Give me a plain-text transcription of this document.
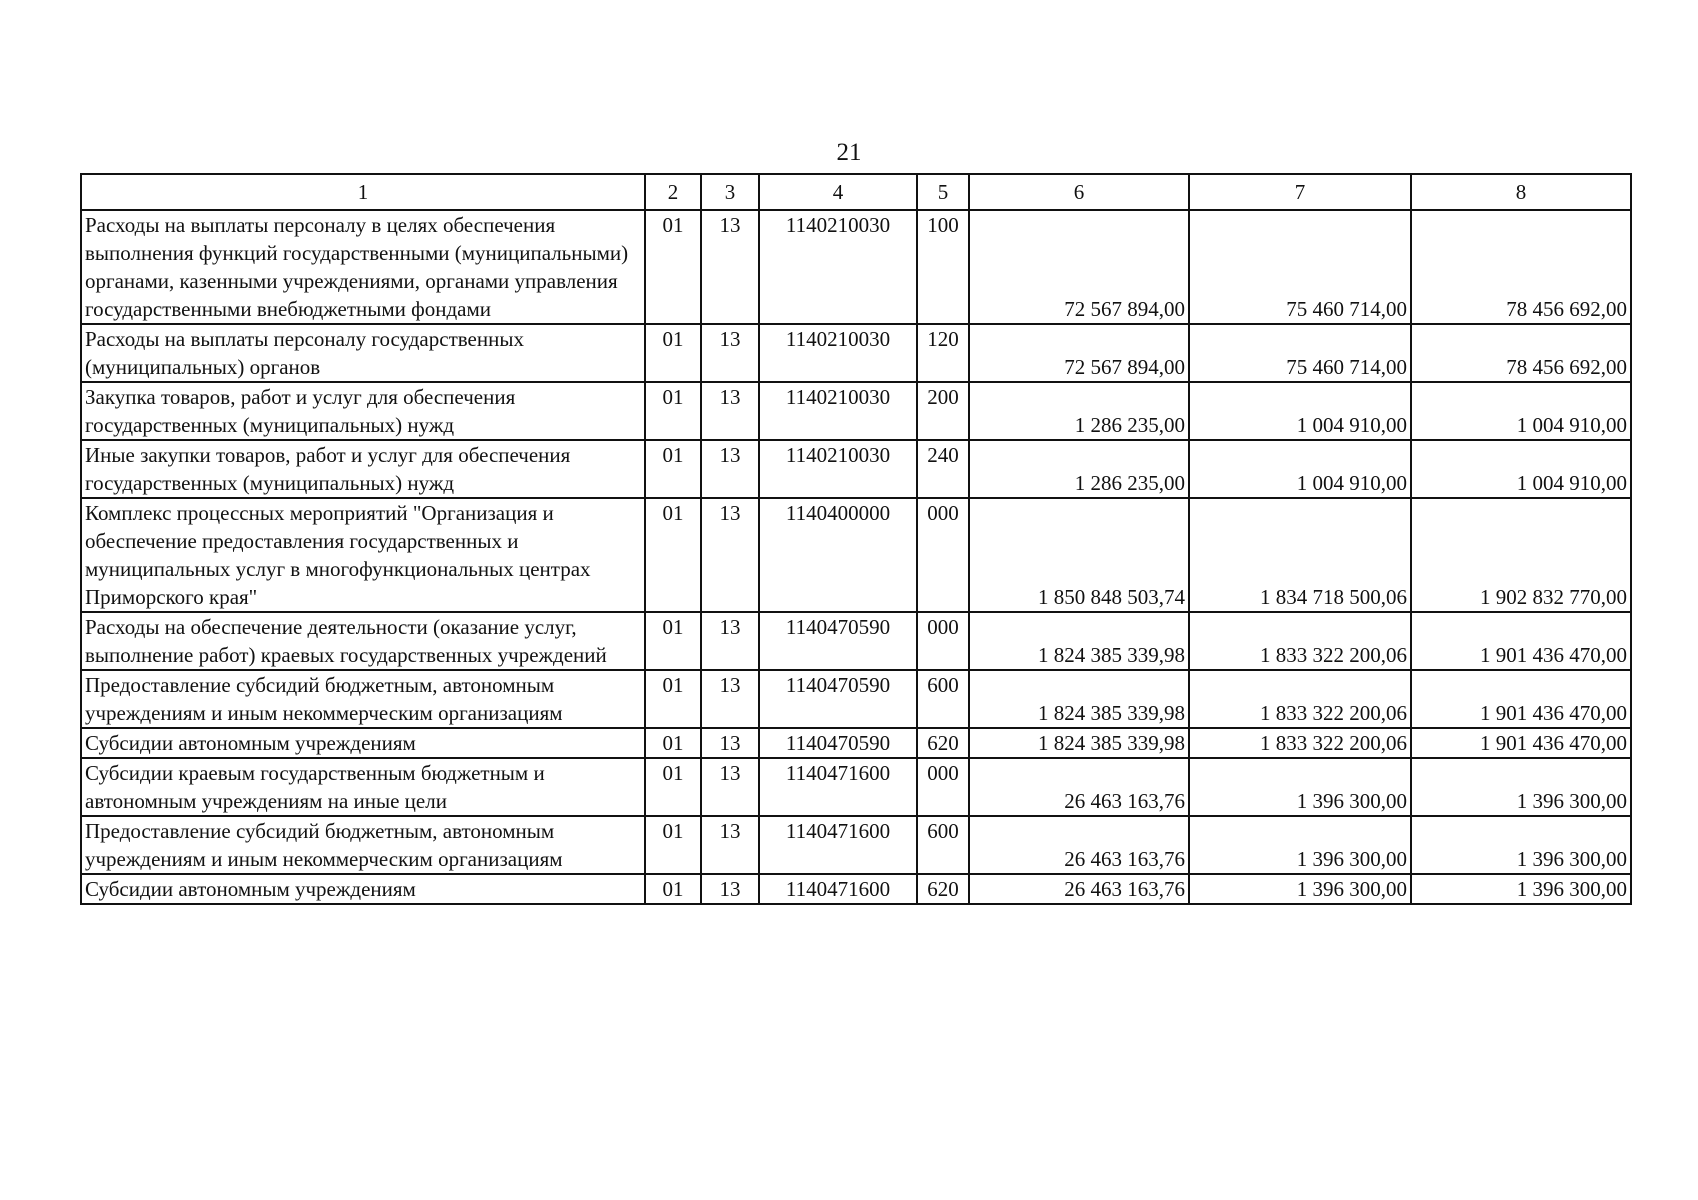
21
1	2	3	4	5	6	7	8
Расходы на выплаты персоналу в целях обеспечения выполнения функций государственными (муниципальными) органами, казенными учреждениями, органами управления государственными внебюджетными фондами	01	13	1140210030	100	72 567 894,00	75 460 714,00	78 456 692,00
Расходы на выплаты персоналу государственных (муниципальных) органов	01	13	1140210030	120	72 567 894,00	75 460 714,00	78 456 692,00
Закупка товаров, работ и услуг для обеспечения государственных (муниципальных) нужд	01	13	1140210030	200	1 286 235,00	1 004 910,00	1 004 910,00
Иные закупки товаров, работ и услуг для обеспечения государственных (муниципальных) нужд	01	13	1140210030	240	1 286 235,00	1 004 910,00	1 004 910,00
Комплекс процессных мероприятий "Организация и обеспечение предоставления государственных и муниципальных услуг в многофункциональных центрах Приморского края"	01	13	1140400000	000	1 850 848 503,74	1 834 718 500,06	1 902 832 770,00
Расходы на обеспечение деятельности (оказание услуг, выполнение работ) краевых государственных учреждений	01	13	1140470590	000	1 824 385 339,98	1 833 322 200,06	1 901 436 470,00
Предоставление субсидий бюджетным, автономным учреждениям и иным некоммерческим организациям	01	13	1140470590	600	1 824 385 339,98	1 833 322 200,06	1 901 436 470,00
Субсидии автономным учреждениям	01	13	1140470590	620	1 824 385 339,98	1 833 322 200,06	1 901 436 470,00
Субсидии краевым государственным бюджетным и автономным учреждениям на иные цели	01	13	1140471600	000	26 463 163,76	1 396 300,00	1 396 300,00
Предоставление субсидий бюджетным, автономным учреждениям и иным некоммерческим организациям	01	13	1140471600	600	26 463 163,76	1 396 300,00	1 396 300,00
Субсидии автономным учреждениям	01	13	1140471600	620	26 463 163,76	1 396 300,00	1 396 300,00
